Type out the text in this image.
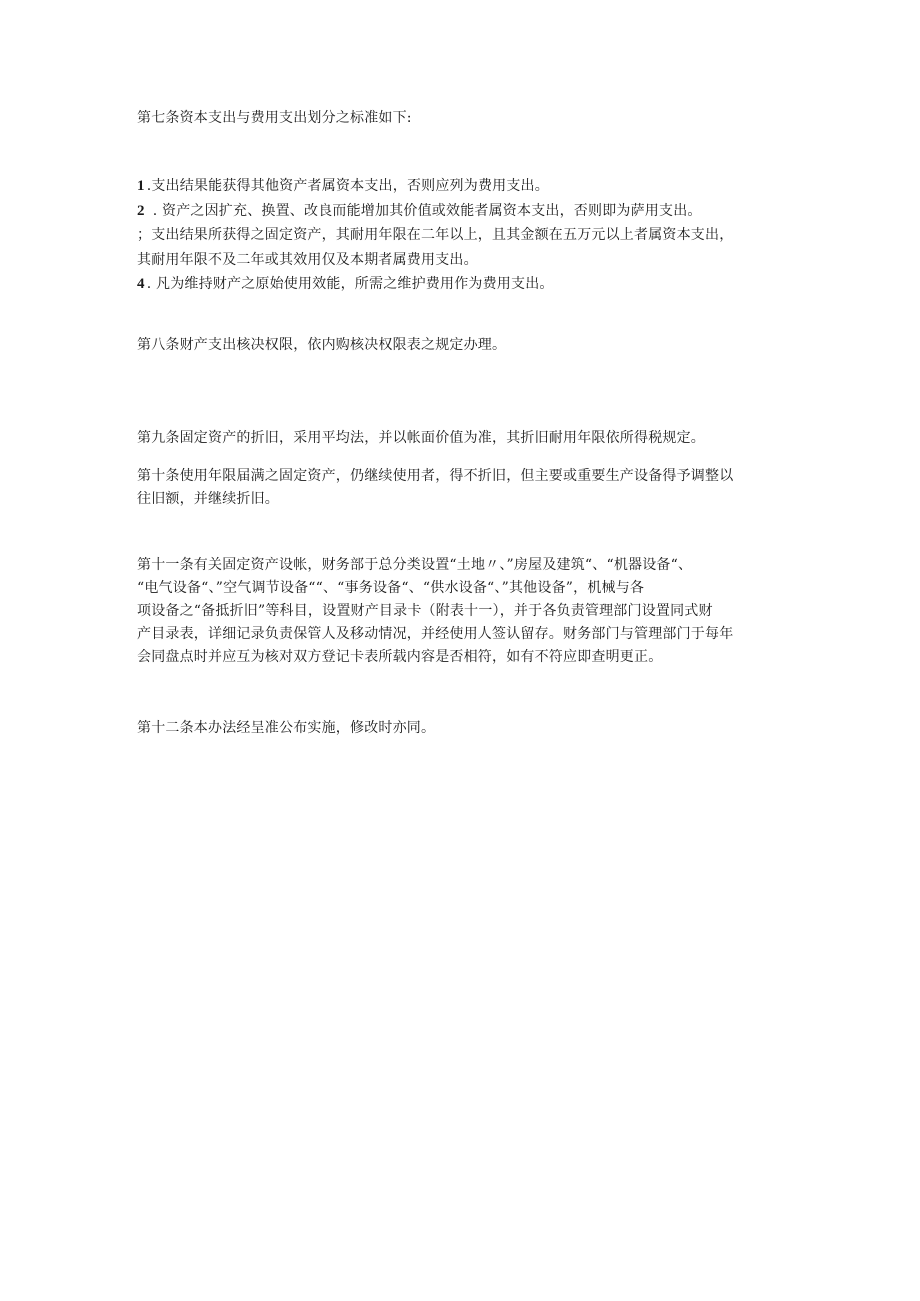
第七条资本支出与费用支出划分之标准如下:
1 .支出结果能获得其他资产者属资本支出，否则应列为费用支出。
2 . 资产之因扩充、换置、改良而能增加其价值或效能者属资本支出，否则即为萨用支出。
；支出结果所获得之固定资产，其耐用年限在二年以上，且其金额在五万元以上者属资本支出，
其耐用年限不及二年或其效用仅及本期者属费用支出。
4 . 凡为维持财产之原始使用效能，所需之维护费用作为费用支出。
第八条财产支出核决权限，依内购核决权限表之规定办理。
第九条固定资产的折旧，采用平均法，并以帐面价值为准，其折旧耐用年限依所得税规定。
第十条使用年限届满之固定资产，仍继续使用者，得不折旧，但主要或重要生产设备得予调整以
往旧额，并继续折旧。
第十一条有关固定资产设帐，财务部于总分类设置“土地〃、”房屋及建筑“、“机器设备“、
“电气设备“、”空气调节设备““、“事务设备“、“供水设备“、”其他设备”，机械与各
项设备之“备抵折旧”等科目，设置财产目录卡（附表十一），并于各负责管理部门设置同式财
产目录表，详细记录负责保管人及移动情况，并经使用人签认留存。财务部门与管理部门于每年
会同盘点时并应互为核对双方登记卡表所载内容是否相符，如有不符应即查明更正。
第十二条本办法经呈准公布实施，修改时亦同。
